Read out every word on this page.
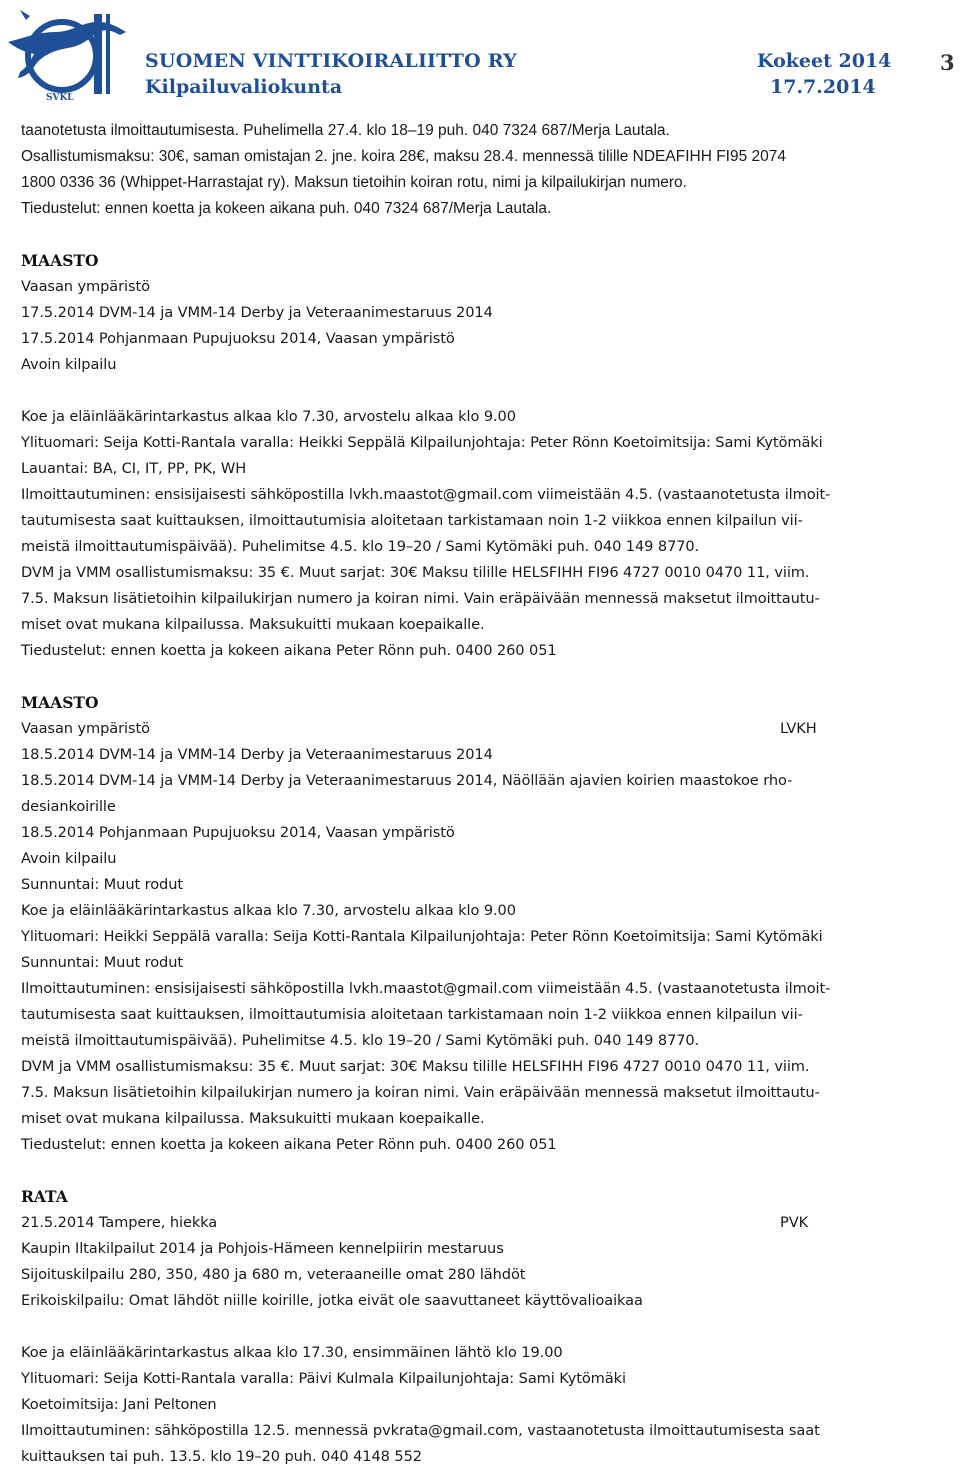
SVKL
SUOMEN VINTTIKOIRALIITTO RY
Kilpailuvaliokunta
Kokeet 2014
17.7.2014
3
taanotetusta ilmoittautumisesta. Puhelimella 27.4. klo 18–19 puh. 040 7324 687/Merja Lautala.
Osallistumismaksu: 30€, saman omistajan 2. jne. koira 28€, maksu 28.4. mennessä tilille NDEAFIHH FI95 2074
1800 0336 36 (Whippet-Harrastajat ry). Maksun tietoihin koiran rotu, nimi ja kilpailukirjan numero.
Tiedustelut: ennen koetta ja kokeen aikana puh. 040 7324 687/Merja Lautala.
MAASTO
Vaasan ympäristö
17.5.2014 DVM-14 ja VMM-14 Derby ja Veteraanimestaruus 2014
17.5.2014 Pohjanmaan Pupujuoksu 2014, Vaasan ympäristö
Avoin kilpailu
Koe ja eläinlääkärintarkastus alkaa klo 7.30, arvostelu alkaa klo 9.00
Ylituomari: Seija Kotti-Rantala varalla: Heikki Seppälä Kilpailunjohtaja: Peter Rönn Koetoimitsija: Sami Kytömäki
Lauantai: BA, CI, IT, PP, PK, WH
Ilmoittautuminen: ensisijaisesti sähköpostilla lvkh.maastot@gmail.com viimeistään 4.5. (vastaanotetusta ilmoit-
tautumisesta saat kuittauksen, ilmoittautumisia aloitetaan tarkistamaan noin 1-2 viikkoa ennen kilpailun vii-
meistä ilmoittautumispäivää). Puhelimitse 4.5. klo 19–20 / Sami Kytömäki puh. 040 149 8770.
DVM ja VMM osallistumismaksu: 35 €. Muut sarjat: 30€ Maksu tilille HELSFIHH FI96 4727 0010 0470 11, viim.
7.5. Maksun lisätietoihin kilpailukirjan numero ja koiran nimi. Vain eräpäivään mennessä maksetut ilmoittautu-
miset ovat mukana kilpailussa. Maksukuitti mukaan koepaikalle.
Tiedustelut: ennen koetta ja kokeen aikana Peter Rönn puh. 0400 260 051
MAASTO
Vaasan ympäristö	LVKH
18.5.2014 DVM-14 ja VMM-14 Derby ja Veteraanimestaruus 2014
18.5.2014 DVM-14 ja VMM-14 Derby ja Veteraanimestaruus 2014, Näöllään ajavien koirien maastokoe rho-
desiankoirille
18.5.2014 Pohjanmaan Pupujuoksu 2014, Vaasan ympäristö
Avoin kilpailu
Sunnuntai: Muut rodut
Koe ja eläinlääkärintarkastus alkaa klo 7.30, arvostelu alkaa klo 9.00
Ylituomari: Heikki Seppälä varalla: Seija Kotti-Rantala Kilpailunjohtaja: Peter Rönn Koetoimitsija: Sami Kytömäki
Sunnuntai: Muut rodut
Ilmoittautuminen: ensisijaisesti sähköpostilla lvkh.maastot@gmail.com viimeistään 4.5. (vastaanotetusta ilmoit-
tautumisesta saat kuittauksen, ilmoittautumisia aloitetaan tarkistamaan noin 1-2 viikkoa ennen kilpailun vii-
meistä ilmoittautumispäivää). Puhelimitse 4.5. klo 19–20 / Sami Kytömäki puh. 040 149 8770.
DVM ja VMM osallistumismaksu: 35 €. Muut sarjat: 30€ Maksu tilille HELSFIHH FI96 4727 0010 0470 11, viim.
7.5. Maksun lisätietoihin kilpailukirjan numero ja koiran nimi. Vain eräpäivään mennessä maksetut ilmoittautu-
miset ovat mukana kilpailussa. Maksukuitti mukaan koepaikalle.
Tiedustelut: ennen koetta ja kokeen aikana Peter Rönn puh. 0400 260 051
RATA
21.5.2014 Tampere, hiekka	PVK
Kaupin Iltakilpailut 2014 ja Pohjois-Hämeen kennelpiirin mestaruus
Sijoituskilpailu 280, 350, 480 ja 680 m, veteraaneille omat 280 lähdöt
Erikoiskilpailu: Omat lähdöt niille koirille, jotka eivät ole saavuttaneet käyttövalioaikaa
Koe ja eläinlääkärintarkastus alkaa klo 17.30, ensimmäinen lähtö klo 19.00
Ylituomari: Seija Kotti-Rantala varalla: Päivi Kulmala Kilpailunjohtaja: Sami Kytömäki
Koetoimitsija: Jani Peltonen
Ilmoittautuminen: sähköpostilla 12.5. mennessä pvkrata@gmail.com, vastaanotetusta ilmoittautumisesta saat
kuittauksen tai puh. 13.5. klo 19–20 puh. 040 4148 552
